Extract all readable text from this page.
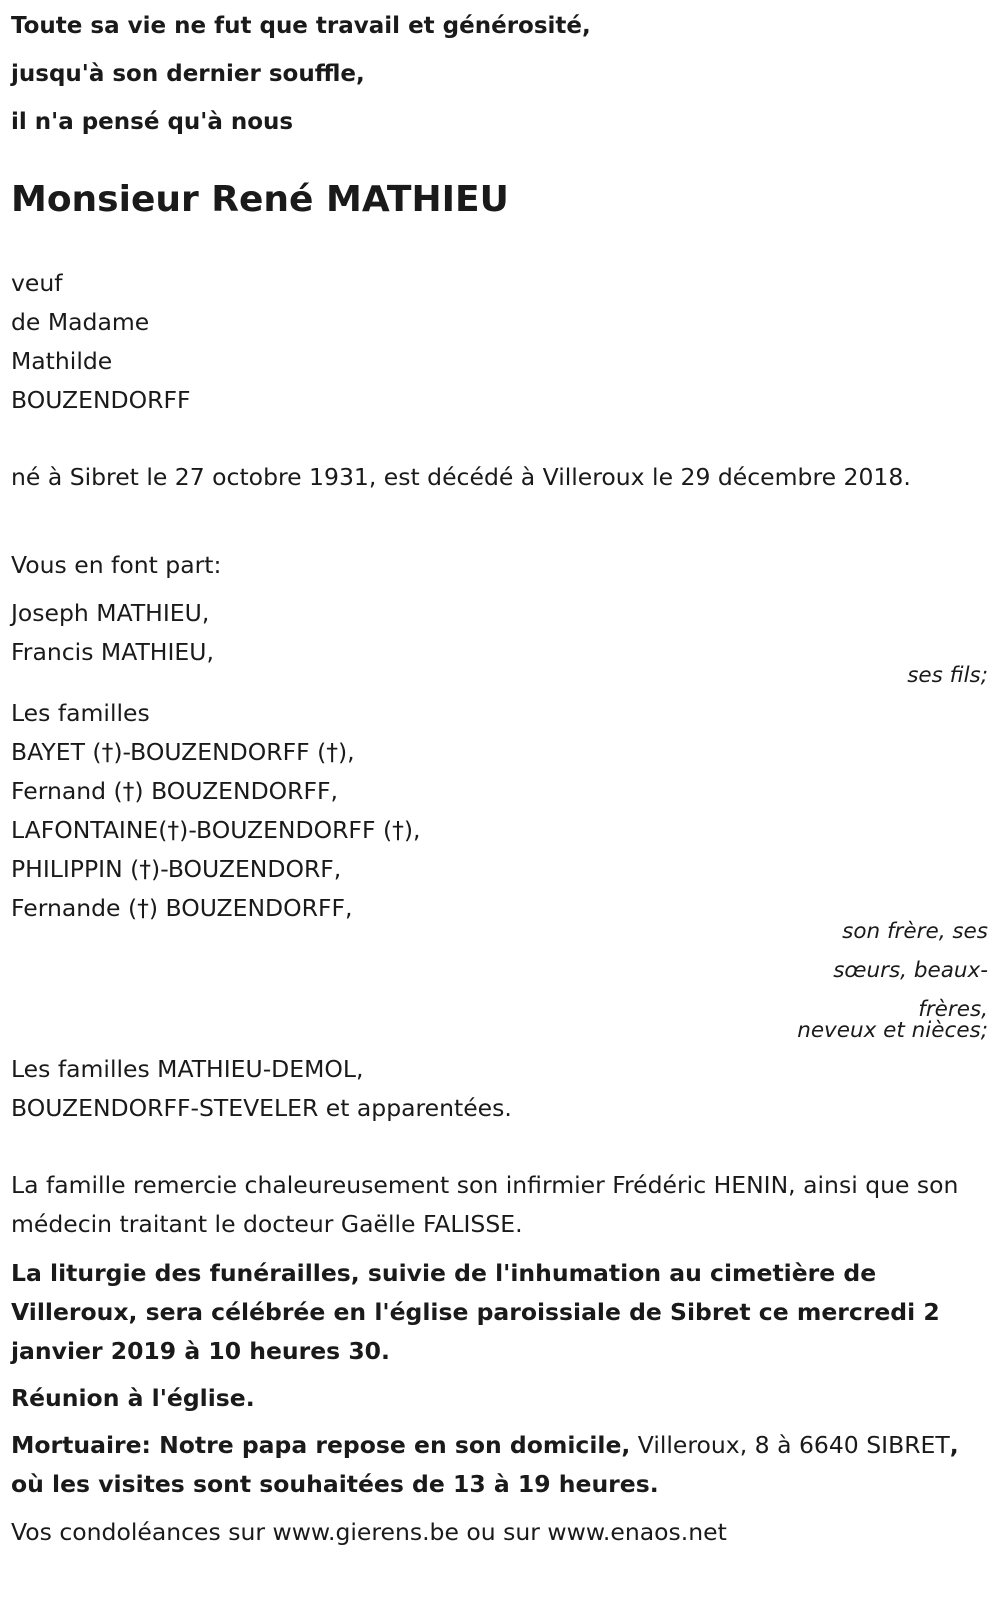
Toute sa vie ne fut que travail et générosité,
jusqu'à son dernier souffle,
il n'a pensé qu'à nous
Monsieur René MATHIEU
veuf
de Madame
Mathilde
BOUZENDORFF

né à Sibret le 27 octobre 1931, est décédé à Villeroux le 29 décembre 2018.

Vous en font part:

Joseph MATHIEU,
Francis MATHIEU,

ses fils;

Les familles
BAYET (†)-BOUZENDORFF (†),
Fernand (†) BOUZENDORFF,
LAFONTAINE(†)-BOUZENDORFF (†),
PHILIPPIN (†)-BOUZENDORF,
Fernande (†) BOUZENDORFF,
son frère, ses
sœurs, beaux-
frères,

neveux et nièces;

Les familles MATHIEU-DEMOL,
BOUZENDORFF-STEVELER et apparentées.

La famille remercie chaleureusement son infirmier Frédéric HENIN, ainsi que son médecin traitant le docteur Gaëlle FALISSE.

La liturgie des funérailles, suivie de l'inhumation au cimetière de Villeroux, sera célébrée en l'église paroissiale de Sibret ce mercredi 2 janvier 2019 à 10 heures 30.

Réunion à l'église.

Mortuaire: Notre papa repose en son domicile, Villeroux, 8 à 6640 SIBRET, où les visites sont souhaitées de 13 à 19 heures.

Vos condoléances sur www.gierens.be ou sur www.enaos.net
